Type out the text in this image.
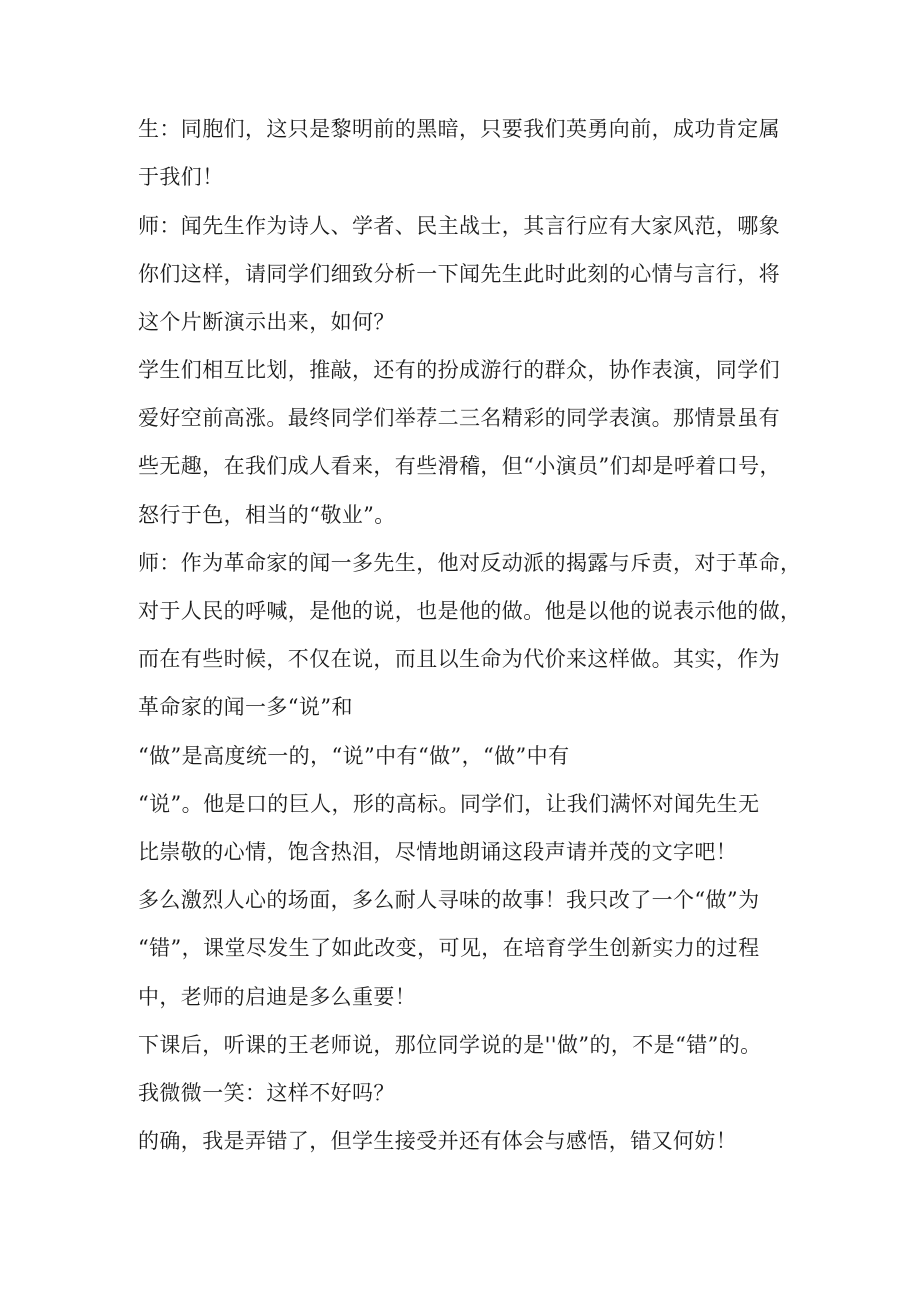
生：同胞们，这只是黎明前的黑暗，只要我们英勇向前，成功肯定属
于我们！
师：闻先生作为诗人、学者、民主战士，其言行应有大家风范，哪象
你们这样，请同学们细致分析一下闻先生此时此刻的心情与言行，将
这个片断演示出来，如何？
学生们相互比划，推敲，还有的扮成游行的群众，协作表演，同学们
爱好空前高涨。最终同学们举荐二三名精彩的同学表演。那情景虽有
些无趣，在我们成人看来，有些滑稽，但“小演员”们却是呼着口号，
怒行于色，相当的“敬业”。
师：作为革命家的闻一多先生，他对反动派的揭露与斥责，对于革命，
对于人民的呼喊，是他的说，也是他的做。他是以他的说表示他的做，
而在有些时候，不仅在说，而且以生命为代价来这样做。其实，作为
革命家的闻一多“说”和
“做”是高度统一的，“说”中有“做”，“做”中有
“说”。他是口的巨人，形的高标。同学们，让我们满怀对闻先生无
比崇敬的心情，饱含热泪，尽情地朗诵这段声请并茂的文字吧！
多么激烈人心的场面，多么耐人寻味的故事！我只改了一个“做”为
“错”，课堂尽发生了如此改变，可见，在培育学生创新实力的过程
中，老师的启迪是多么重要！
下课后，听课的王老师说，那位同学说的是''做”的，不是“错”的。
我微微一笑：这样不好吗？
的确，我是弄错了，但学生接受并还有体会与感悟，错又何妨！
